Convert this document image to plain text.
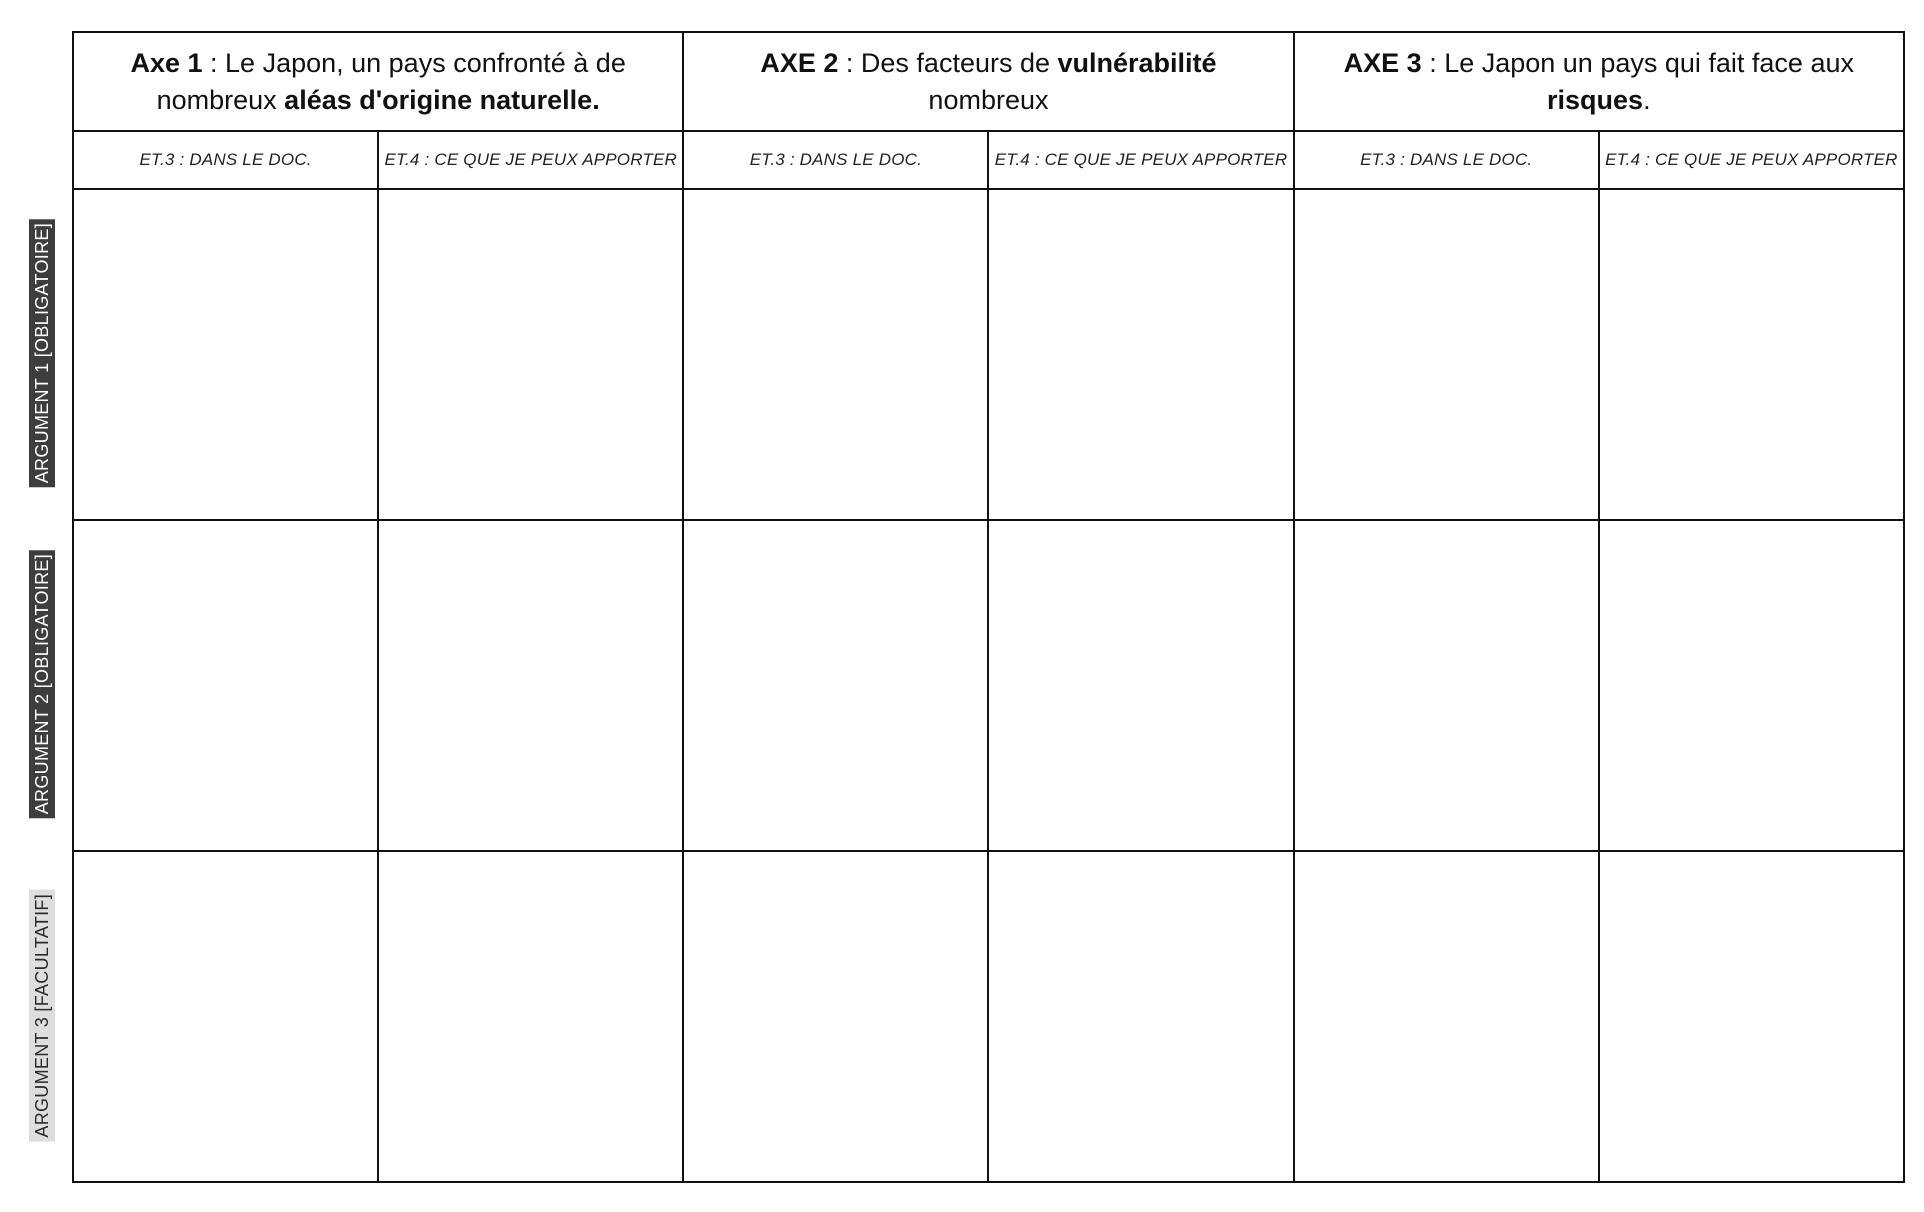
Axe 1 : Le Japon, un pays confronté à de nombreux aléas d'origine naturelle.		AXE 2 : Des facteurs de vulnérabilité nombreux		AXE 3 : Le Japon un pays qui fait face aux risques.	
ET.3 : DANS LE DOC.	ET.4 : CE QUE JE PEUX APPORTER	ET.3 : DANS LE DOC.	ET.4 : CE QUE JE PEUX APPORTER	ET.3 : DANS LE DOC.	ET.4 : CE QUE JE PEUX APPORTER

ARGUMENT 1 [OBLIGATOIRE]
ARGUMENT 2 [OBLIGATOIRE]
ARGUMENT 3 [FACULTATIF]
